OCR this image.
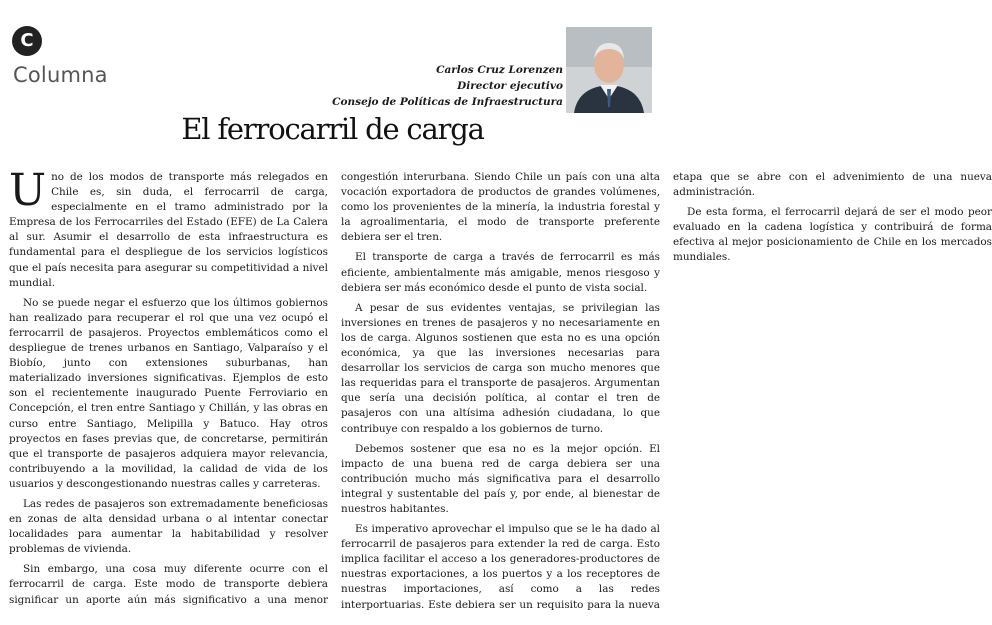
C
Columna	Carlos Cruz Lorenzen
Director ejecutivo
Consejo de Políticas de Infraestructura
El ferrocarril de carga

Uno de los modos de transporte más relegados en Chile es, sin duda, el ferrocarril de carga, especialmente en el tramo administrado por la Empresa de los Ferrocarriles del Estado (EFE) de La Calera al sur. Asumir el desarrollo de esta infraestructura es fundamental para el despliegue de los servicios logísticos que el país necesita para asegurar su competitividad a nivel mundial.

No se puede negar el esfuerzo que los últimos gobiernos han realizado para recuperar el rol que una vez ocupó el ferrocarril de pasajeros. Proyectos emblemáticos como el despliegue de trenes urbanos en Santiago, Valparaíso y el Biobío, junto con extensiones suburbanas, han materializado inversiones significativas. Ejemplos de esto son el recientemente inaugurado Puente Ferroviario en Concepción, el tren entre Santiago y Chillán, y las obras en curso entre Santiago, Melipilla y Batuco. Hay otros proyectos en fases previas que, de concretarse, permitirán que el transporte de pasajeros adquiera mayor relevancia, contribuyendo a la movilidad, la calidad de vida de los usuarios y descongestionando nuestras calles y carreteras.

Las redes de pasajeros son extremadamente beneficiosas en zonas de alta densidad urbana o al intentar conectar localidades para aumentar la habitabilidad y resolver problemas de vivienda.

Sin embargo, una cosa muy diferente ocurre con el ferrocarril de carga. Este modo de transporte debiera significar un aporte aún más significativo a una menor congestión interurbana. Siendo Chile un país con una alta vocación exportadora de productos de grandes volúmenes, como los provenientes de la minería, la industria forestal y la agroalimentaria, el modo de transporte preferente debiera ser el tren.

El transporte de carga a través de ferrocarril es más eficiente, ambientalmente más amigable, menos riesgoso y debiera ser más económico desde el punto de vista social.

A pesar de sus evidentes ventajas, se privilegian las inversiones en trenes de pasajeros y no necesariamente en los de carga. Algunos sostienen que esta no es una opción económica, ya que las inversiones necesarias para desarrollar los servicios de carga son mucho menores que las requeridas para el transporte de pasajeros. Argumentan que sería una decisión política, al contar el tren de pasajeros con una altísima adhesión ciudadana, lo que contribuye con respaldo a los gobiernos de turno.

Debemos sostener que esa no es la mejor opción. El impacto de una buena red de carga debiera ser una contribución mucho más significativa para el desarrollo integral y sustentable del país y, por ende, al bienestar de nuestros habitantes.

Es imperativo aprovechar el impulso que se le ha dado al ferrocarril de pasajeros para extender la red de carga. Esto implica facilitar el acceso a los generadores-productores de nuestras exportaciones, a los puertos y a los receptores de nuestras importaciones, así como a las redes interportuarias. Este debiera ser un requisito para la nueva etapa que se abre con el advenimiento de una nueva administración.

De esta forma, el ferrocarril dejará de ser el modo peor evaluado en la cadena logística y contribuirá de forma efectiva al mejor posicionamiento de Chile en los mercados mundiales.
